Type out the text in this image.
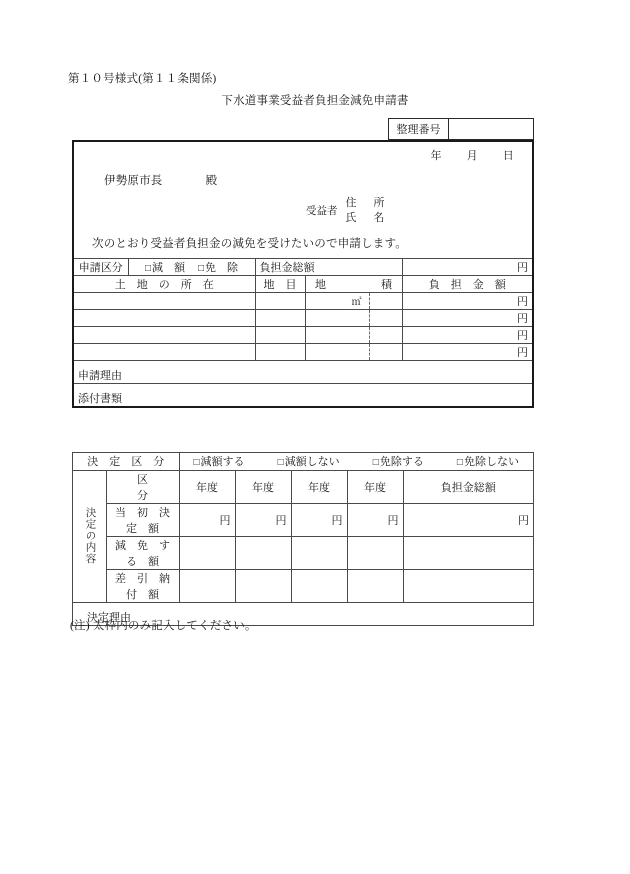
第１０号様式(第１１条関係)
下水道事業受益者負担金減免申請書
整理番号
年 月 日
伊勢原市長	殿
受益者
住　所
氏　名
次のとおり受益者負担金の減免を受けたいので申請します。
申請区分	□ 減　額 □ 免　除	負担金総額		円
土　地　の　所　在		地　目	地　　　　　積	負　担　金　額

			㎡	円
				円
				円
				円
申請理由				
添付書類				
決　定　区　分		□ 減額する □ 減額しない □ 免除する □ 免除しない

決定の内容	区　　　　　分	年度	年度	年度	年度	負担金総額
	当　初　決　定　額	円	円	円	円	円
	減　免　す　る　額					
	差　引　納　付　額					
決定理由						
(注) 太枠内のみ記入してください。
